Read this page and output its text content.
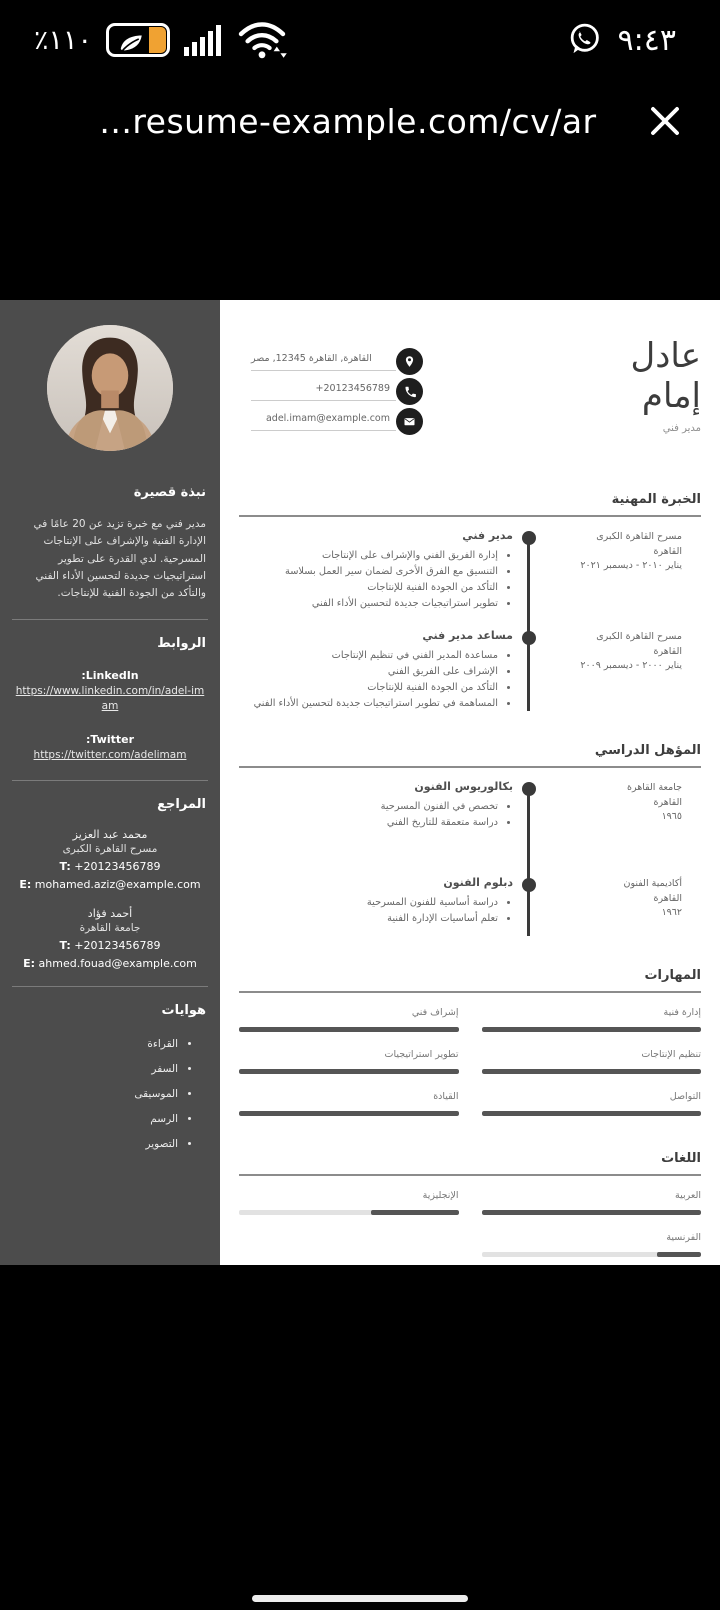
٪١١٠	٩:٤٣
...resume-example.com/cv/ar
نبذة قصيرة
مدير فني مع خبرة تزيد عن 20 عامًا في الإدارة الفنية والإشراف على الإنتاجات المسرحية. لدي القدرة على تطوير استراتيجيات جديدة لتحسين الأداء الفني والتأكد من الجودة الفنية للإنتاجات.
الروابط
LinkedIn:
https://www.linkedin.com/in/adel-imam
Twitter:
https://twitter.com/adelimam
المراجع
محمد عبد العزيز
مسرح القاهرة الكبرى
T: +20123456789
E: mohamed.aziz@example.com
أحمد فؤاد
جامعة القاهرة
T: +20123456789
E: ahmed.fouad@example.com
هوايات
• القراءة
• السفر
• الموسيقى
• الرسم
• التصوير
عادل
إمام
مدير فني
القاهرة, القاهرة 12345, مصر
+20123456789
adel.imam@example.com
الخبرة المهنية
مسرح القاهرة الكبرى
القاهرة
يناير ٢٠١٠ - ديسمبر ٢٠٢١
مدير فني
• إدارة الفريق الفني والإشراف على الإنتاجات
• التنسيق مع الفرق الأخرى لضمان سير العمل بسلاسة
• التأكد من الجودة الفنية للإنتاجات
• تطوير استراتيجيات جديدة لتحسين الأداء الفني
مسرح القاهرة الكبرى
القاهرة
يناير ٢٠٠٠ - ديسمبر ٢٠٠٩
مساعد مدير فني
• مساعدة المدير الفني في تنظيم الإنتاجات
• الإشراف على الفريق الفني
• التأكد من الجودة الفنية للإنتاجات
• المساهمة في تطوير استراتيجيات جديدة لتحسين الأداء الفني
المؤهل الدراسي
جامعة القاهرة
القاهرة
١٩٦٥
بكالوريوس الفنون
• تخصص في الفنون المسرحية
• دراسة متعمقة للتاريخ الفني
أكاديمية الفنون
القاهرة
١٩٦٢
دبلوم الفنون
• دراسة أساسية للفنون المسرحية
• تعلم أساسيات الإدارة الفنية
المهارات
إدارة فنية
إشراف فني
تنظيم الإنتاجات
تطوير استراتيجيات
التواصل
القيادة
اللغات
العربية
الإنجليزية
الفرنسية
